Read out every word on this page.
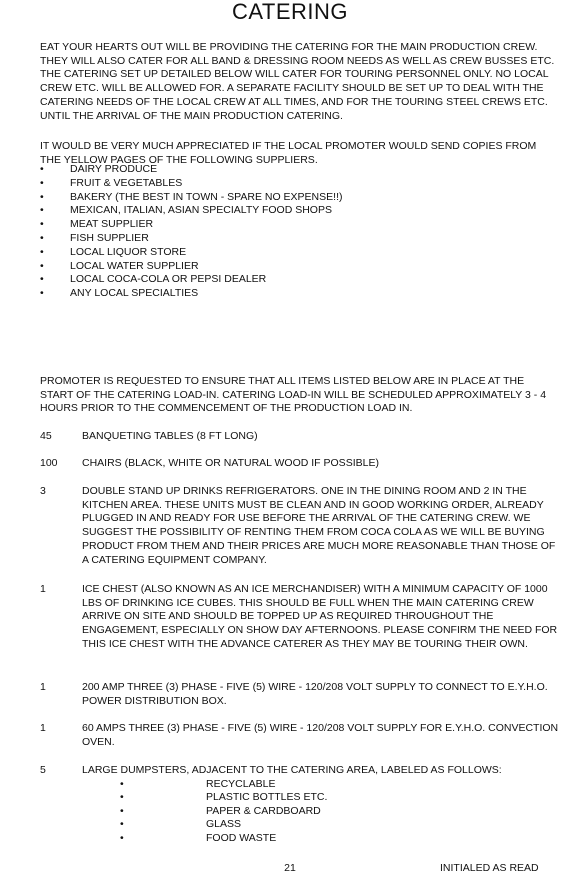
CATERING
EAT YOUR HEARTS OUT WILL BE PROVIDING THE CATERING FOR THE MAIN PRODUCTION CREW. THEY WILL ALSO CATER FOR ALL BAND & DRESSING ROOM NEEDS AS WELL AS CREW BUSSES ETC. THE CATERING SET UP DETAILED BELOW WILL CATER FOR TOURING PERSONNEL ONLY. NO LOCAL CREW ETC. WILL BE ALLOWED FOR. A SEPARATE FACILITY SHOULD BE SET UP TO DEAL WITH THE CATERING NEEDS OF THE LOCAL CREW AT ALL TIMES, AND FOR THE TOURING STEEL CREWS ETC. UNTIL THE ARRIVAL OF THE MAIN PRODUCTION CATERING.
IT WOULD BE VERY MUCH APPRECIATED IF THE LOCAL PROMOTER WOULD SEND COPIES FROM THE YELLOW PAGES OF THE FOLLOWING SUPPLIERS.
•	DAIRY PRODUCE
•	FRUIT & VEGETABLES
•	BAKERY (THE BEST IN TOWN - SPARE NO EXPENSE!!)
•	MEXICAN, ITALIAN, ASIAN SPECIALTY FOOD SHOPS
•	MEAT SUPPLIER
•	FISH SUPPLIER
•	LOCAL LIQUOR STORE
•	LOCAL WATER SUPPLIER
•	LOCAL COCA-COLA OR PEPSI DEALER
•	ANY LOCAL SPECIALTIES
PROMOTER IS REQUESTED TO ENSURE THAT ALL ITEMS LISTED BELOW ARE IN PLACE AT THE START OF THE CATERING LOAD-IN. CATERING LOAD-IN WILL BE SCHEDULED APPROXIMATELY 3 - 4 HOURS PRIOR TO THE COMMENCEMENT OF THE PRODUCTION LOAD IN.
45	BANQUETING TABLES (8 FT LONG)
100	CHAIRS (BLACK, WHITE OR NATURAL WOOD IF POSSIBLE)
3	DOUBLE STAND UP DRINKS REFRIGERATORS. ONE IN THE DINING ROOM AND 2 IN THE KITCHEN AREA. THESE UNITS MUST BE CLEAN AND IN GOOD WORKING ORDER, ALREADY PLUGGED IN AND READY FOR USE BEFORE THE ARRIVAL OF THE CATERING CREW. WE SUGGEST THE POSSIBILITY OF RENTING THEM FROM COCA COLA AS WE WILL BE BUYING PRODUCT FROM THEM AND THEIR PRICES ARE MUCH MORE REASONABLE THAN THOSE OF A CATERING EQUIPMENT COMPANY.
1	ICE CHEST (ALSO KNOWN AS AN ICE MERCHANDISER) WITH A MINIMUM CAPACITY OF 1000 LBS OF DRINKING ICE CUBES. THIS SHOULD BE FULL WHEN THE MAIN CATERING CREW ARRIVE ON SITE AND SHOULD BE TOPPED UP AS REQUIRED THROUGHOUT THE ENGAGEMENT, ESPECIALLY ON SHOW DAY AFTERNOONS. PLEASE CONFIRM THE NEED FOR THIS ICE CHEST WITH THE ADVANCE CATERER AS THEY MAY BE TOURING THEIR OWN.
1	200 AMP THREE (3) PHASE - FIVE (5) WIRE - 120/208 VOLT SUPPLY TO CONNECT TO E.Y.H.O. POWER DISTRIBUTION BOX.
1	60 AMPS THREE (3) PHASE - FIVE (5) WIRE - 120/208 VOLT SUPPLY FOR E.Y.H.O. CONVECTION OVEN.
5	LARGE DUMPSTERS, ADJACENT TO THE CATERING AREA, LABELED AS FOLLOWS:
•	RECYCLABLE
•	PLASTIC BOTTLES ETC.
•	PAPER & CARDBOARD
•	GLASS
•	FOOD WASTE
21	INITIALED AS READ
